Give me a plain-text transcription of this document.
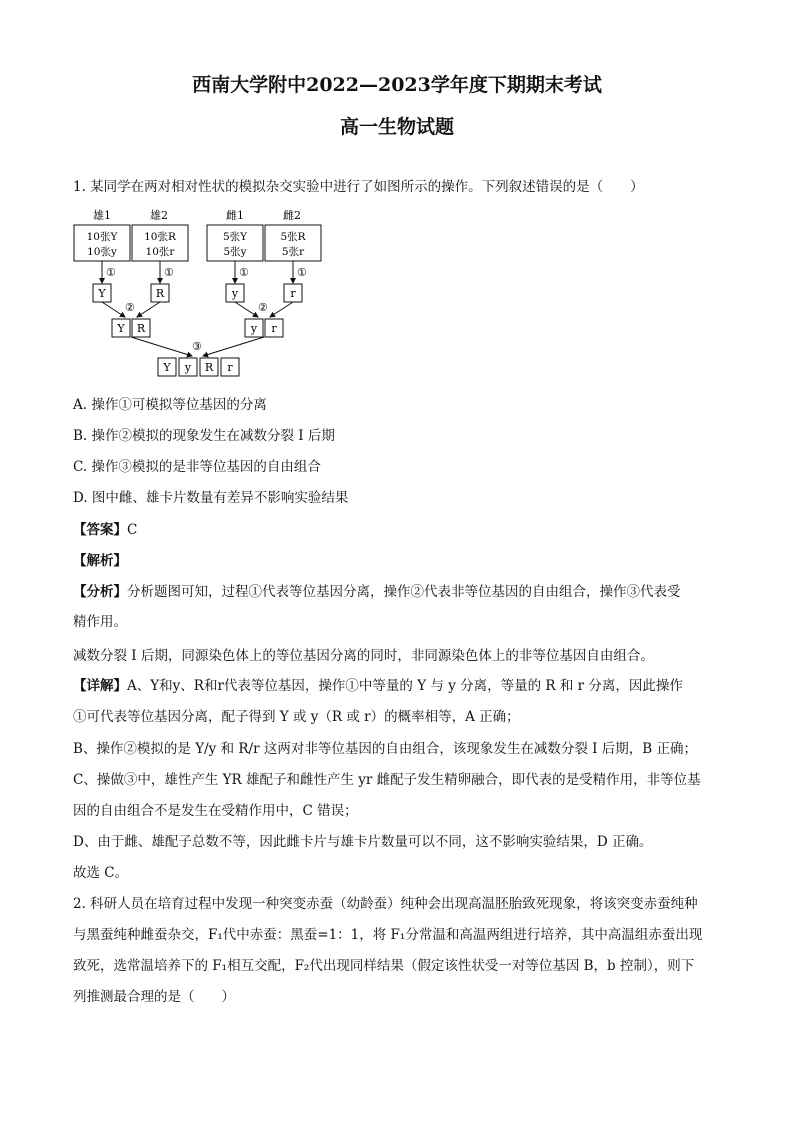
西南大学附中2022—2023学年度下期期末考试
高一生物试题
1. 某同学在两对相对性状的模拟杂交实验中进行了如图所示的操作。下列叙述错误的是（　　）
雄1	雄2	雌1	雌2
10张Y
10张y
10张R
10张r
5张Y
5张y
5张R
5张r
①	①	①	①
Y	R	y	r
②	②
Y R	y r
③
Y y R r
A. 操作①可模拟等位基因的分离
B. 操作②模拟的现象发生在减数分裂 I 后期
C. 操作③模拟的是非等位基因的自由组合
D. 图中雌、雄卡片数量有差异不影响实验结果
【答案】C
【解析】
【分析】分析题图可知，过程①代表等位基因分离，操作②代表非等位基因的自由组合，操作③代表受
精作用。
减数分裂 I 后期，同源染色体上的等位基因分离的同时，非同源染色体上的非等位基因自由组合。
【详解】A、Y和y、R和r代表等位基因，操作①中等量的 Y 与 y 分离，等量的 R 和 r 分离，因此操作
①可代表等位基因分离，配子得到 Y 或 y（R 或 r）的概率相等，A 正确；
B、操作②模拟的是 Y/y 和 R/r 这两对非等位基因的自由组合，该现象发生在减数分裂 I 后期，B 正确；
C、操做③中，雄性产生 YR 雄配子和雌性产生 yr 雌配子发生精卵融合，即代表的是受精作用，非等位基
因的自由组合不是发生在受精作用中，C 错误；
D、由于雌、雄配子总数不等，因此雌卡片与雄卡片数量可以不同，这不影响实验结果，D 正确。
故选 C。
2. 科研人员在培育过程中发现一种突变赤蚕（幼龄蚕）纯种会出现高温胚胎致死现象，将该突变赤蚕纯种
与黑蚕纯种雌蚕杂交，F₁代中赤蚕：黑蚕=1：1，将 F₁分常温和高温两组进行培养，其中高温组赤蚕出现
致死，选常温培养下的 F₁相互交配，F₂代出现同样结果（假定该性状受一对等位基因 B，b 控制），则下
列推测最合理的是（　　）
